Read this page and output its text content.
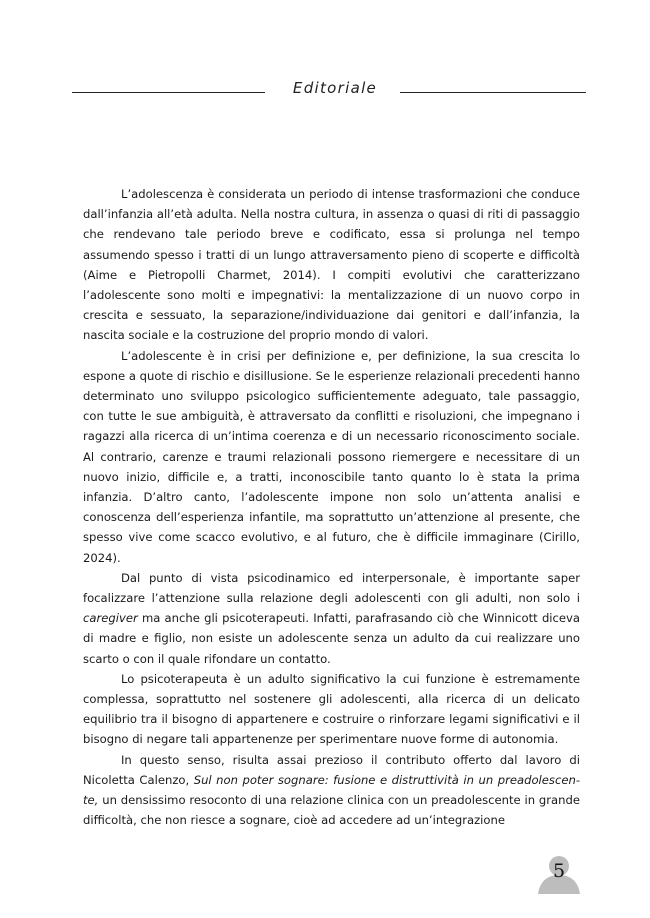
Editoriale

L’adolescenza è considerata un periodo di intense trasformazioni che conduce dall’infanzia all’età adulta. Nella nostra cultura, in assenza o quasi di riti di passaggio che rendevano tale periodo breve e codificato, essa si prolunga nel tempo assumendo spesso i tratti di un lungo attraversamento pieno di scoperte e difficoltà (Aime e Pietropolli Charmet, 2014). I compiti evolutivi che caratterizzano l’adolescente sono molti e impegnativi: la mentalizzazione di un nuovo corpo in crescita e sessuato, la separazione/individuazione dai genitori e dall’infanzia, la nascita sociale e la costruzione del proprio mondo di valori.

L’adolescente è in crisi per definizione e, per definizione, la sua crescita lo espone a quote di rischio e disillusione. Se le esperienze relazionali precedenti hanno determinato uno sviluppo psicologico sufficientemente adeguato, tale passaggio, con tutte le sue ambiguità, è attraversato da conflitti e risoluzioni, che impegnano i ragazzi alla ricerca di un’intima coerenza e di un necessario riconoscimento sociale. Al contrario, carenze e traumi relazionali possono riemergere e necessitare di un nuovo inizio, difficile e, a tratti, inconoscibile tanto quanto lo è stata la prima infanzia. D’altro canto, l’adolescente impone non solo un’attenta analisi e conoscenza dell’esperienza infantile, ma soprattutto un’attenzione al presente, che spesso vive come scacco evolutivo, e al futuro, che è difficile immaginare (Cirillo, 2024).

Dal punto di vista psicodinamico ed interpersonale, è importante saper focalizzare l’attenzione sulla relazione degli adolescenti con gli adulti, non solo i caregiver ma anche gli psicoterapeuti. Infatti, parafrasando ciò che Winnicott diceva di madre e figlio, non esiste un adolescente senza un adulto da cui realizzare uno scarto o con il quale rifondare un contatto.

Lo psicoterapeuta è un adulto significativo la cui funzione è estremamente complessa, soprattutto nel sostenere gli adolescenti, alla ricerca di un delicato equilibrio tra il bisogno di appartenere e costruire o rinforzare legami significativi e il bisogno di negare tali appartenenze per sperimentare nuove forme di autonomia.

In questo senso, risulta assai prezioso il contributo offerto dal lavoro di Nicoletta Calenzo, Sul non poter sognare: fusione e distruttività in un preadolescente, un densissimo resoconto di una relazione clinica con un preadolescente in grande difficoltà, che non riesce a sognare, cioè ad accedere ad un’integrazione

5
